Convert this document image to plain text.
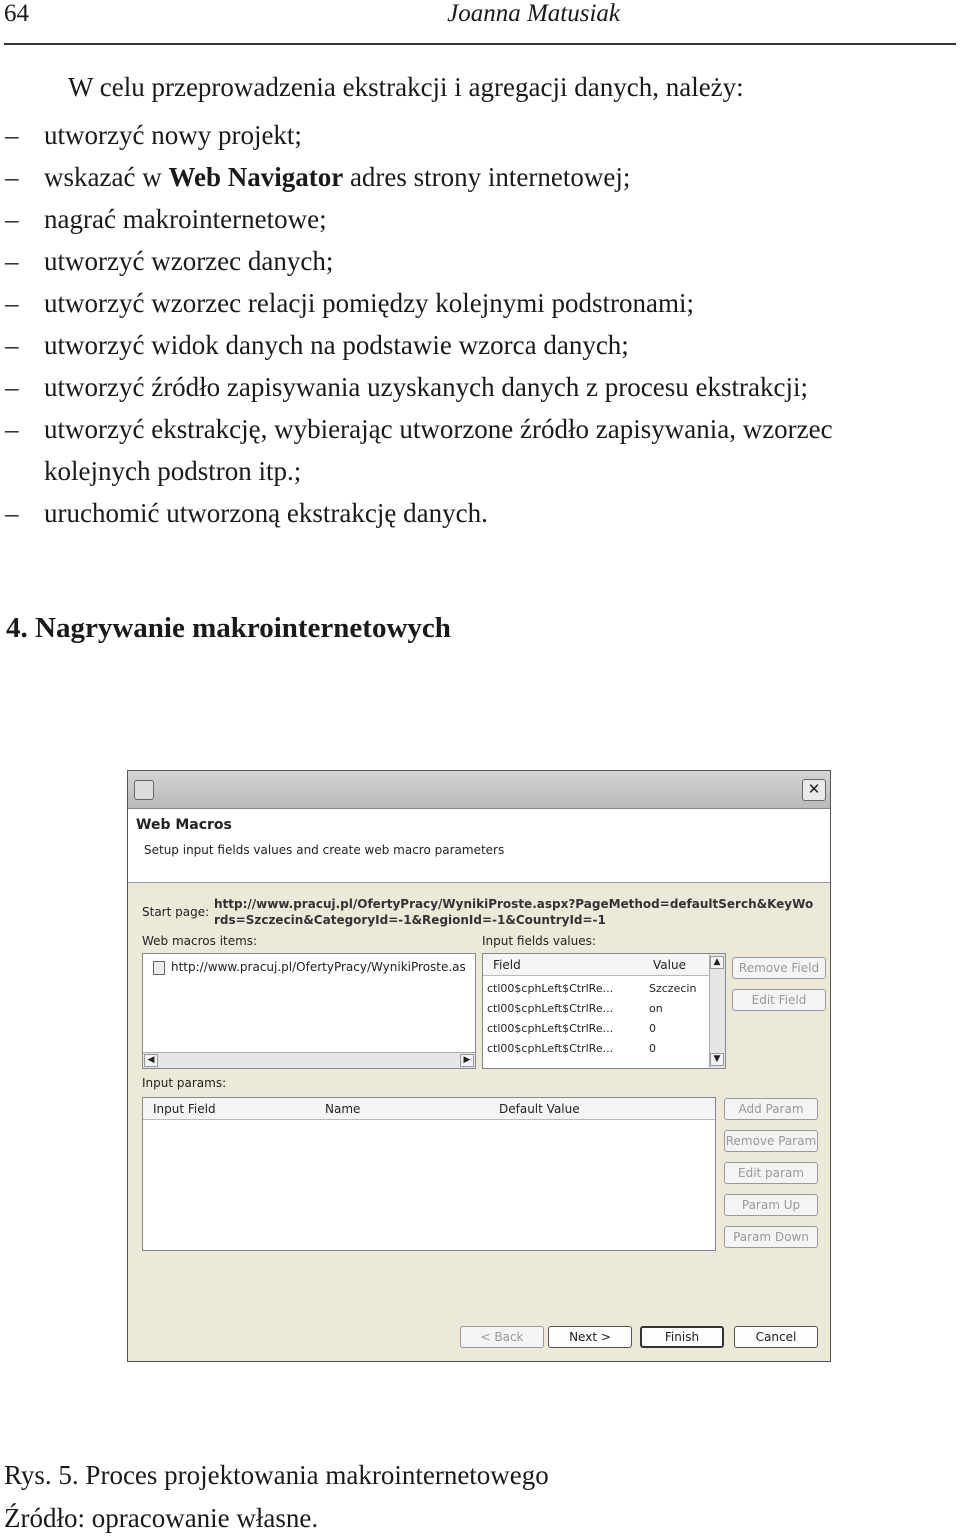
64	Joanna Matusiak

W celu przeprowadzenia ekstrakcji i agregacji danych, należy:

– utworzyć nowy projekt;
– wskazać w Web Navigator adres strony internetowej;
– nagrać makrointernetowe;
– utworzyć wzorzec danych;
– utworzyć wzorzec relacji pomiędzy kolejnymi podstronami;
– utworzyć widok danych na podstawie wzorca danych;
– utworzyć źródło zapisywania uzyskanych danych z procesu ekstrakcji;
– utworzyć ekstrakcję, wybierając utworzone źródło zapisywania, wzorzec
kolejnych podstron itp.;
– uruchomić utworzoną ekstrakcję danych.
4. Nagrywanie makrointernetowych
✕
Web Macros
Setup input fields values and create web macro parameters
Start page:
http://www.pracuj.pl/OfertyPracy/WynikiProste.aspx?PageMethod=defaultSerch&KeyWords=Szczecin&CategoryId=-1&RegionId=-1&CountryId=-1
Web macros items:
http://www.pracuj.pl/OfertyPracy/WynikiProste.as
◀	▶
Input fields values:
Field	Value
ctl00$cphLeft$CtrlRe...	Szczecin
ctl00$cphLeft$CtrlRe...	on
ctl00$cphLeft$CtrlRe...	0
ctl00$cphLeft$CtrlRe...	0
▲
▼
Remove Field
Edit Field
Input params:
Input Field	Name	Default Value	Add Param
Remove Param
Edit param
Param Up
Param Down
< Back	Next >	Finish	Cancel

Rys. 5. Proces projektowania makrointernetowego

Źródło: opracowanie własne.
